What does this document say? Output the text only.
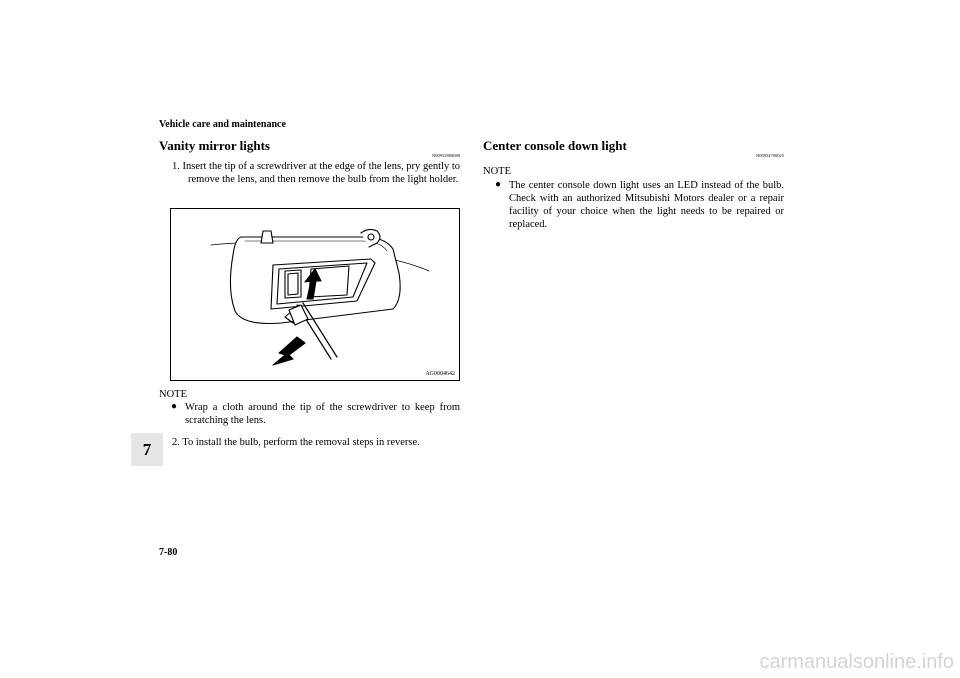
Vehicle care and maintenance
7
Vanity mirror lights
N00952800080
1. Insert the tip of a screwdriver at the edge of the lens, pry gently to remove the lens, and then remove the bulb from the light holder.
AG0004642
NOTE
● Wrap a cloth around the tip of the screwdriver to keep from scratching the lens.
2. To install the bulb, perform the removal steps in reverse.
Center console down light
N00954700025
NOTE
● The center console down light uses an LED instead of the bulb. Check with an authorized Mitsubishi Motors dealer or a repair facility of your choice when the light needs to be repaired or replaced.
7-80
carmanualsonline.info
